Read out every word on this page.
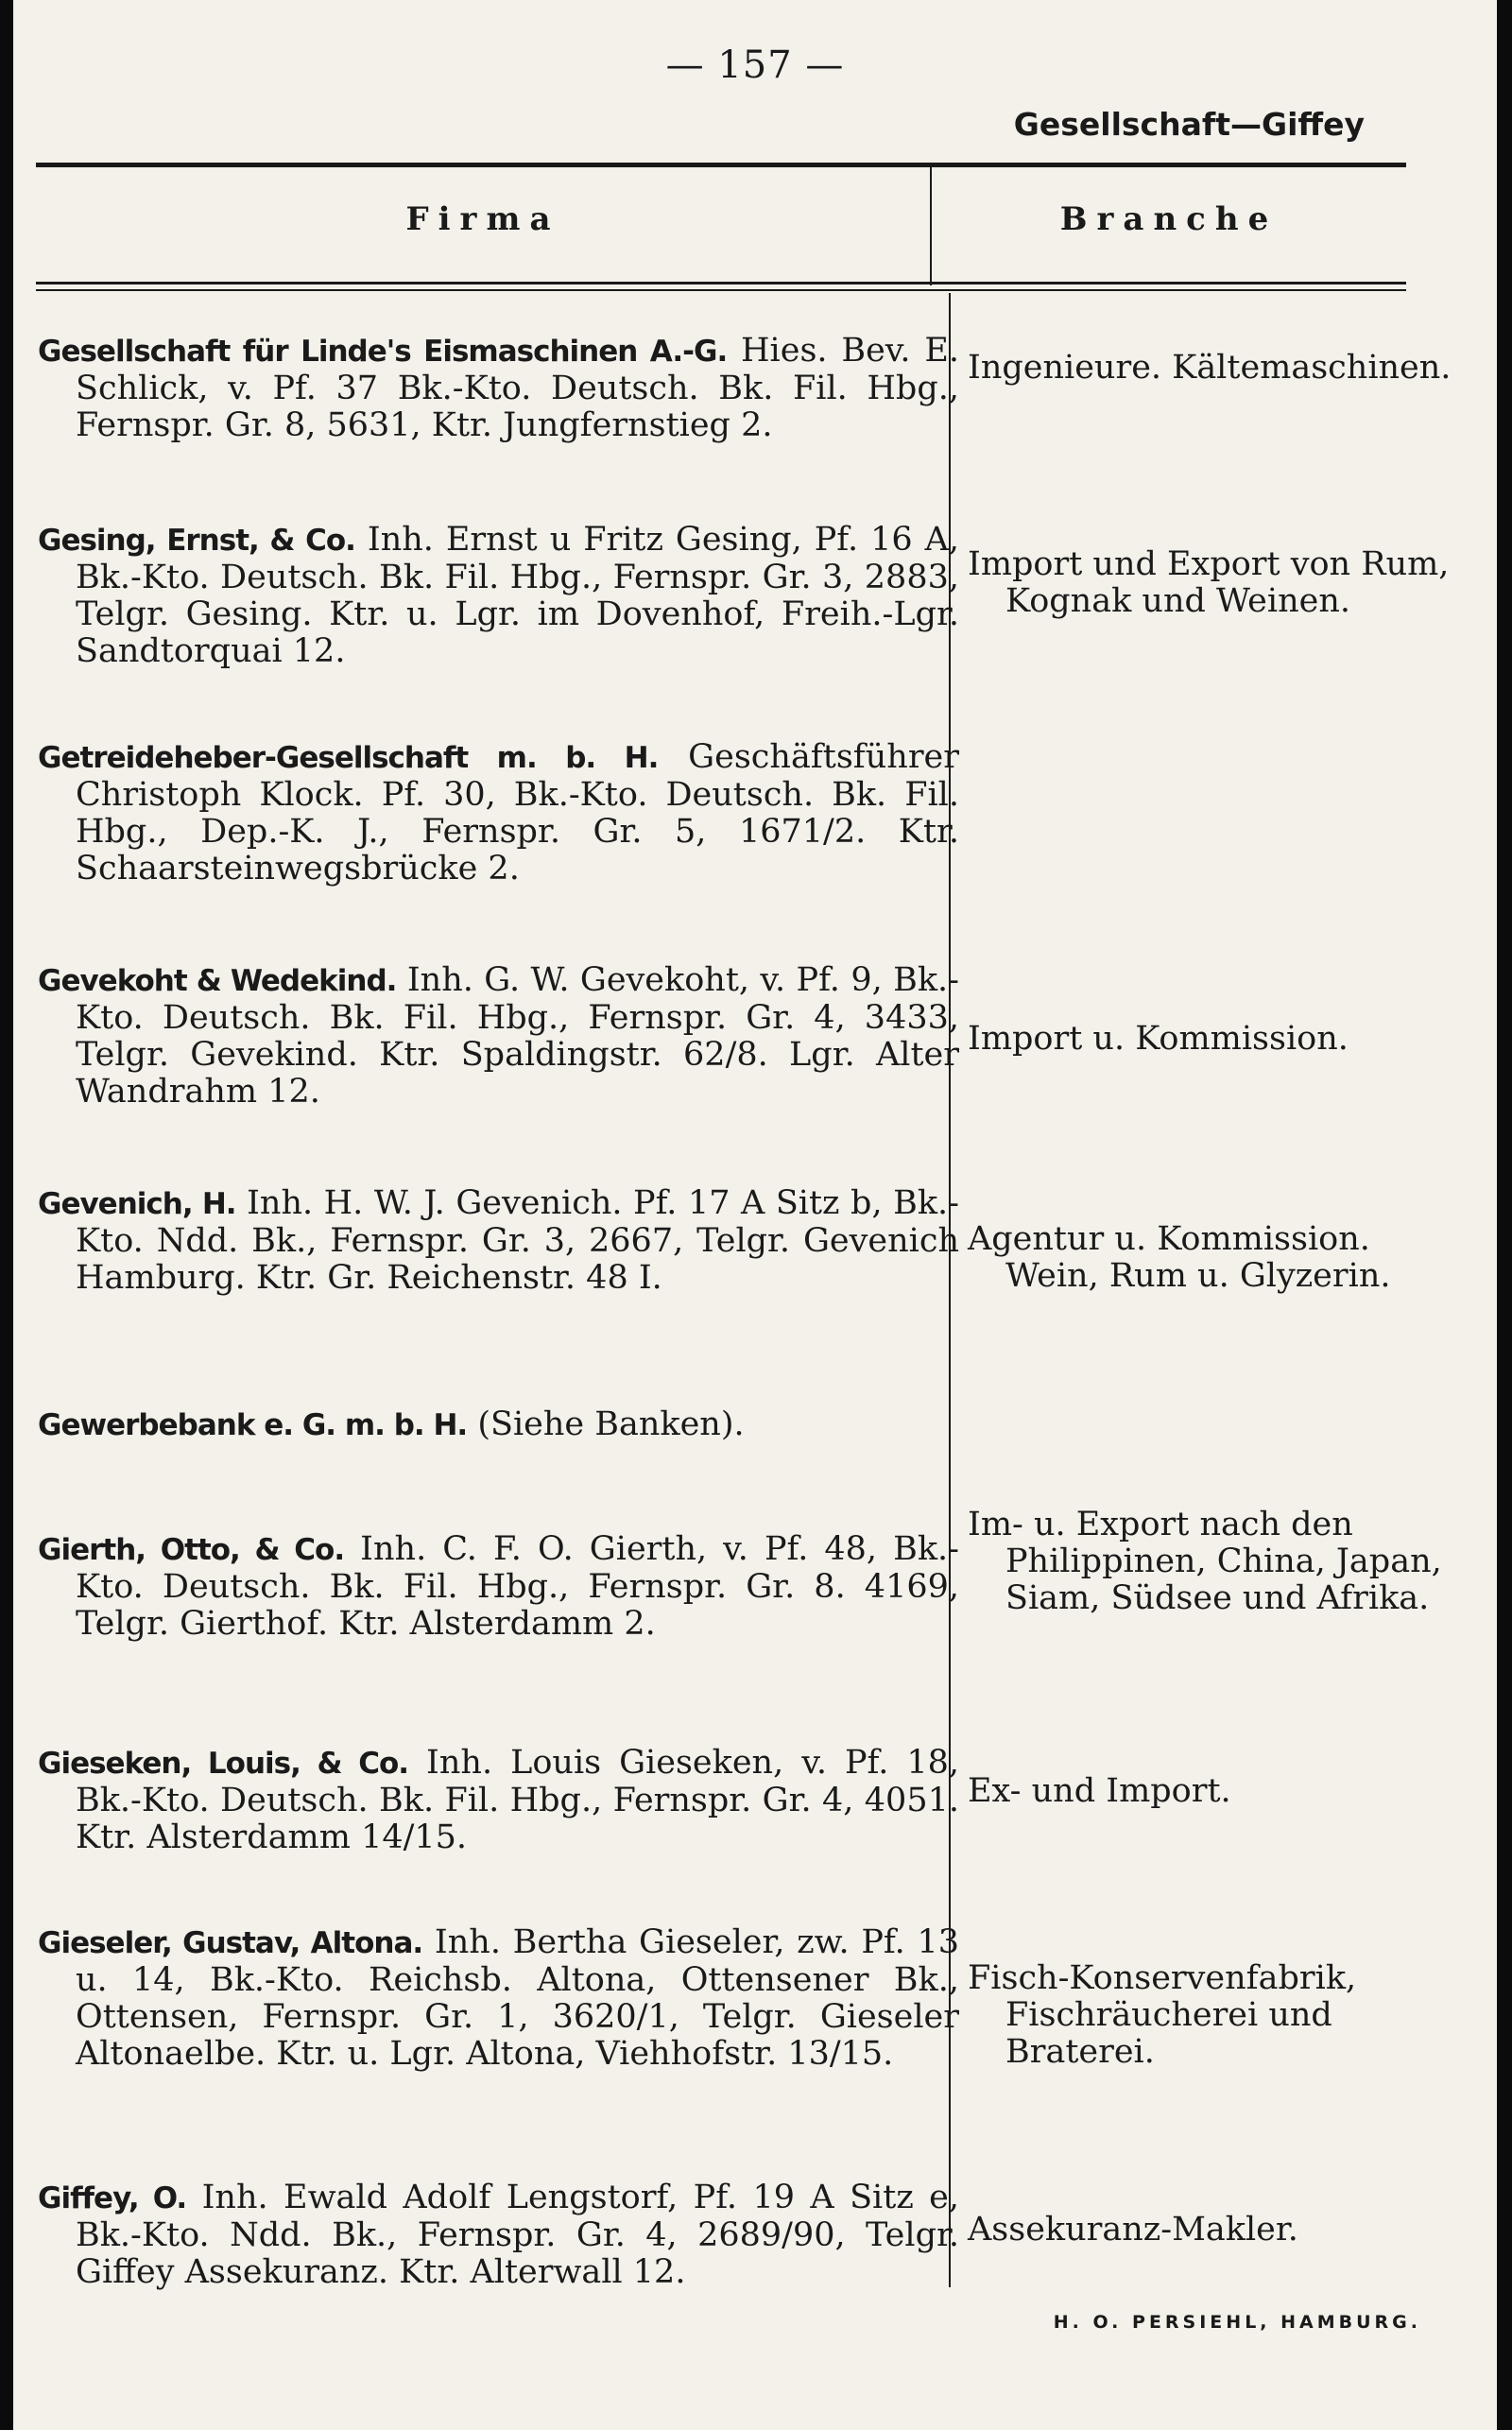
— 157 —
Gesellschaft—Giffey
Firma	Branche

Gesellschaft für Linde's Eismaschinen A.-G. Hies. Bev. E. Schlick, v. Pf. 37 Bk.-Kto. Deutsch. Bk. Fil. Hbg., Fernspr. Gr. 8, 5631, Ktr. Jungfernstieg 2.

Ingenieure. Kältemaschinen.

Gesing, Ernst, & Co. Inh. Ernst u Fritz Gesing, Pf. 16 A, Bk.-Kto. Deutsch. Bk. Fil. Hbg., Fernspr. Gr. 3, 2883, Telgr. Gesing. Ktr. u. Lgr. im Dovenhof, Freih.-Lgr. Sandtorquai 12.

Import und Export von Rum, Kognak und Weinen.

Getreideheber-Gesellschaft m. b. H. Geschäftsführer Christoph Klock. Pf. 30, Bk.-Kto. Deutsch. Bk. Fil. Hbg., Dep.-K. J., Fernspr. Gr. 5, 1671/2. Ktr. Schaarsteinwegsbrücke 2.

Gevekoht & Wedekind. Inh. G. W. Gevekoht, v. Pf. 9, Bk.-Kto. Deutsch. Bk. Fil. Hbg., Fernspr. Gr. 4, 3433, Telgr. Gevekind. Ktr. Spaldingstr. 62/8. Lgr. Alter Wandrahm 12.

Import u. Kommission.

Gevenich, H. Inh. H. W. J. Gevenich. Pf. 17 A Sitz b, Bk.-Kto. Ndd. Bk., Fernspr. Gr. 3, 2667, Telgr. Gevenich Hamburg. Ktr. Gr. Reichenstr. 48 I.

Agentur u. Kommission. Wein, Rum u. Glyzerin.

Gewerbebank e. G. m. b. H. (Siehe Banken).

Gierth, Otto, & Co. Inh. C. F. O. Gierth, v. Pf. 48, Bk.-Kto. Deutsch. Bk. Fil. Hbg., Fernspr. Gr. 8. 4169, Telgr. Gierthof. Ktr. Alsterdamm 2.

Im- u. Export nach den Philippinen, China, Japan, Siam, Südsee und Afrika.

Gieseken, Louis, & Co. Inh. Louis Gieseken, v. Pf. 18, Bk.-Kto. Deutsch. Bk. Fil. Hbg., Fernspr. Gr. 4, 4051. Ktr. Alsterdamm 14/15.

Ex- und Import.

Gieseler, Gustav, Altona. Inh. Bertha Gieseler, zw. Pf. 13 u. 14, Bk.-Kto. Reichsb. Altona, Ottensener Bk., Ottensen, Fernspr. Gr. 1, 3620/1, Telgr. Gieseler Altonaelbe. Ktr. u. Lgr. Altona, Viehhofstr. 13/15.

Fisch-Konservenfabrik, Fischräucherei und Braterei.

Giffey, O. Inh. Ewald Adolf Lengstorf, Pf. 19 A Sitz e, Bk.-Kto. Ndd. Bk., Fernspr. Gr. 4, 2689/90, Telgr. Giffey Assekuranz. Ktr. Alterwall 12.

Assekuranz-Makler.
H. O. PERSIEHL, HAMBURG.
